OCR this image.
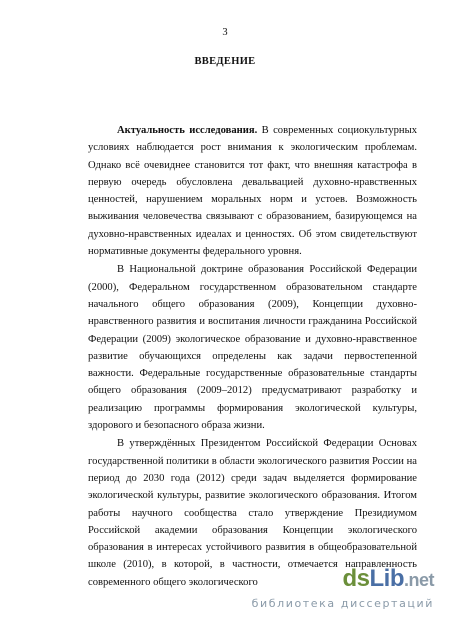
3
ВВЕДЕНИЕ

Актуальность исследования. В современных социокультурных условиях наблюдается рост внимания к экологическим проблемам. Однако всё очевиднее становится тот факт, что внешняя катастрофа в первую очередь обусловлена девальвацией духовно-нравственных ценностей, нарушением моральных норм и устоев. Возможность выживания человечества связывают с образованием, базирующемся на духовно-нравственных идеалах и ценностях. Об этом свидетельствуют нормативные документы федерального уровня.

В Национальной доктрине образования Российской Федерации (2000), Федеральном государственном образовательном стандарте начального общего образования (2009), Концепции духовно-нравственного развития и воспитания личности гражданина Российской Федерации (2009) экологическое образование и духовно-нравственное развитие обучающихся определены как задачи первостепенной важности. Федеральные государственные образовательные стандарты общего образования (2009–2012) предусматривают разработку и реализацию программы формирования экологической культуры, здорового и безопасного образа жизни.

В утверждённых Президентом Российской Федерации Основах государственной политики в области экологического развития России на период до 2030 года (2012) среди задач выделяется формирование экологической культуры, развитие экологического образования. Итогом работы научного сообщества стало утверждение Президиумом Российской академии образования Концепции экологического образования в интересах устойчивого развития в общеобразовательной школе (2010), в которой, в частности, отмечается направленность современного общего экологического	dsLib.net
библиотека диссертаций
